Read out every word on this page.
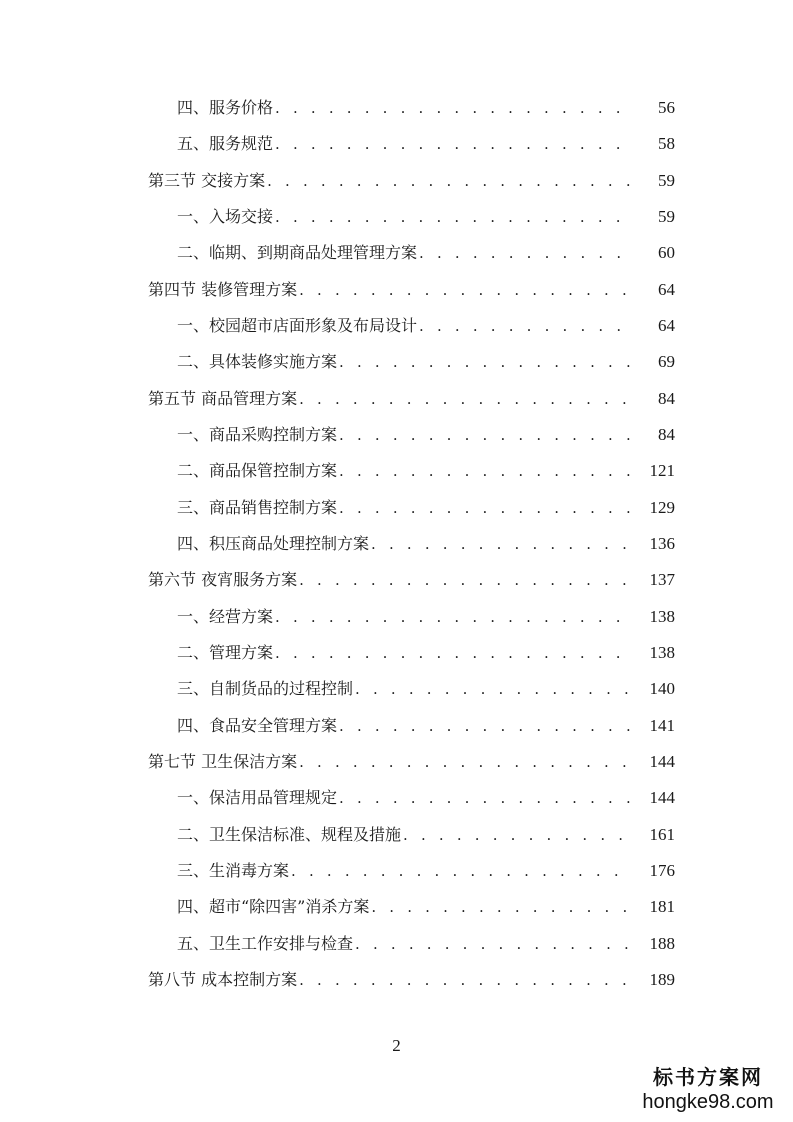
四、服务价格 . . .	56
五、服务规范 . . .	58
第三节 交接方案 . . .	59
一、入场交接 . . .	59
二、临期、到期商品处理管理方案 . . .	60
第四节 装修管理方案 . . .	64
一、校园超市店面形象及布局设计 . . .	64
二、具体装修实施方案 . . .	69
第五节 商品管理方案 . . .	84
一、商品采购控制方案 . . .	84
二、商品保管控制方案 . . .	121
三、商品销售控制方案 . . .	129
四、积压商品处理控制方案 . . .	136
第六节 夜宵服务方案 . . .	137
一、经营方案 . . .	138
二、管理方案 . . .	138
三、自制货品的过程控制 . . .	140
四、食品安全管理方案 . . .	141
第七节 卫生保洁方案 . . .	144
一、保洁用品管理规定 . . .	144
二、卫生保洁标准、规程及措施 . . .	161
三、生消毒方案 . . .	176
四、超市“除四害”消杀方案 . . .	181
五、卫生工作安排与检查 . . .	188
第八节 成本控制方案 . . .	189
2
标书方案网
hongke98.com
